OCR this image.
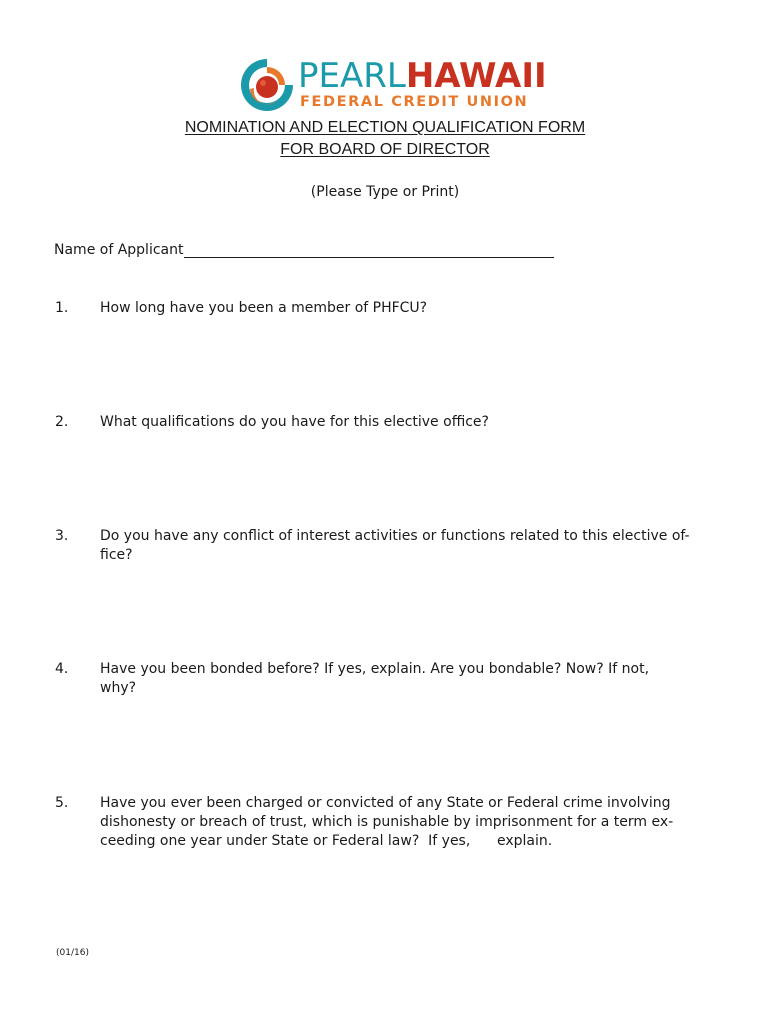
PEARLHAWAII
FEDERAL CREDIT UNION
NOMINATION AND ELECTION QUALIFICATION FORM
FOR BOARD OF DIRECTOR
(Please Type or Print)
Name of Applicant
1. How long have you been a member of PHFCU?
2. What qualifications do you have for this elective office?
3. Do you have any conflict of interest activities or functions related to this elective of-
fice?
4. Have you been bonded before? If yes, explain. Are you bondable? Now? If not,
why?
5. Have you ever been charged or convicted of any State or Federal crime involving
dishonesty or breach of trust, which is punishable by imprisonment for a term ex-
ceeding one year under State or Federal law?  If yes,      explain.
(01/16)
